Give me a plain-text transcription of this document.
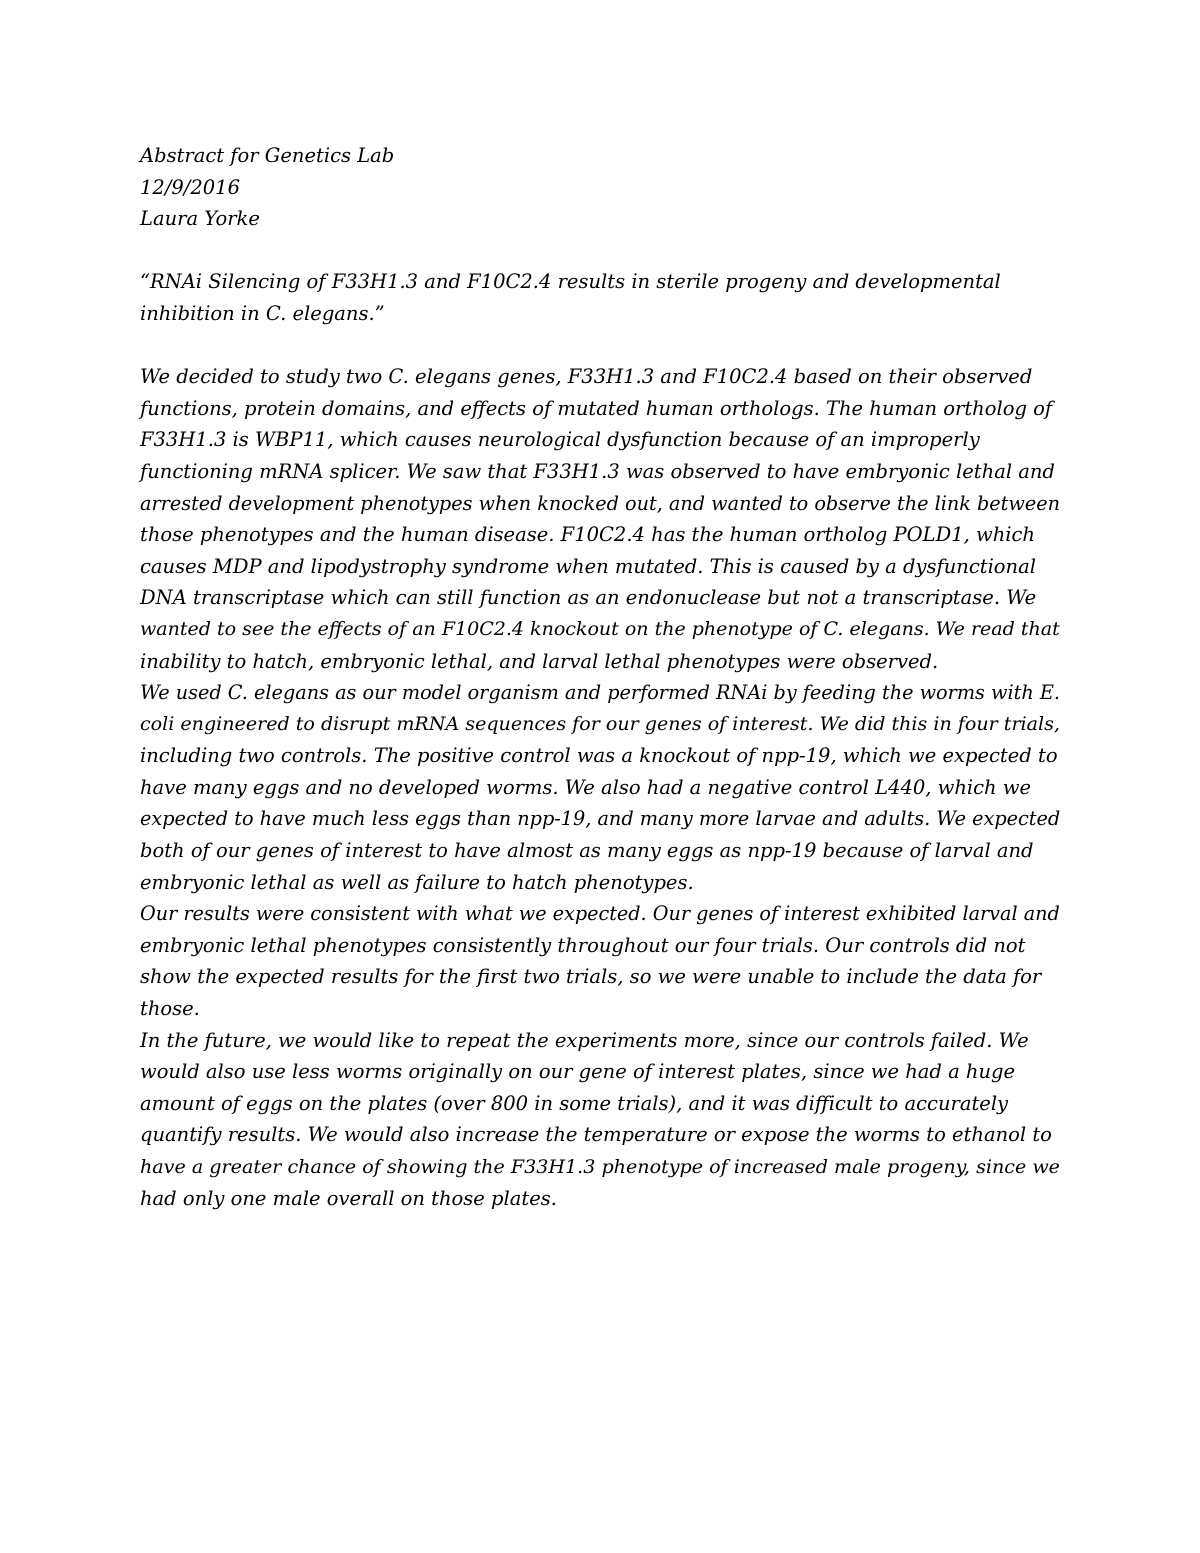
Abstract for Genetics Lab
12/9/2016
Laura Yorke
“RNAi Silencing of F33H1.3 and F10C2.4 results in sterile progeny and developmental
inhibition in C. elegans.”
We decided to study two C. elegans genes, F33H1.3 and F10C2.4 based on their observed
functions, protein domains, and effects of mutated human orthologs. The human ortholog of
F33H1.3 is WBP11, which causes neurological dysfunction because of an improperly
functioning mRNA splicer. We saw that F33H1.3 was observed to have embryonic lethal and
arrested development phenotypes when knocked out, and wanted to observe the link between
those phenotypes and the human disease. F10C2.4 has the human ortholog POLD1, which
causes MDP and lipodystrophy syndrome when mutated. This is caused by a dysfunctional
DNA transcriptase which can still function as an endonuclease but not a transcriptase. We
wanted to see the effects of an F10C2.4 knockout on the phenotype of C. elegans. We read that
inability to hatch, embryonic lethal, and larval lethal phenotypes were observed.
We used C. elegans as our model organism and performed RNAi by feeding the worms with E.
coli engineered to disrupt mRNA sequences for our genes of interest. We did this in four trials,
including two controls. The positive control was a knockout of npp-19, which we expected to
have many eggs and no developed worms. We also had a negative control L440, which we
expected to have much less eggs than npp-19, and many more larvae and adults. We expected
both of our genes of interest to have almost as many eggs as npp-19 because of larval and
embryonic lethal as well as failure to hatch phenotypes.
Our results were consistent with what we expected. Our genes of interest exhibited larval and
embryonic lethal phenotypes consistently throughout our four trials. Our controls did not
show the expected results for the first two trials, so we were unable to include the data for
those.
In the future, we would like to repeat the experiments more, since our controls failed. We
would also use less worms originally on our gene of interest plates, since we had a huge
amount of eggs on the plates (over 800 in some trials), and it was difficult to accurately
quantify results. We would also increase the temperature or expose the worms to ethanol to
have a greater chance of showing the F33H1.3 phenotype of increased male progeny, since we
had only one male overall on those plates.
